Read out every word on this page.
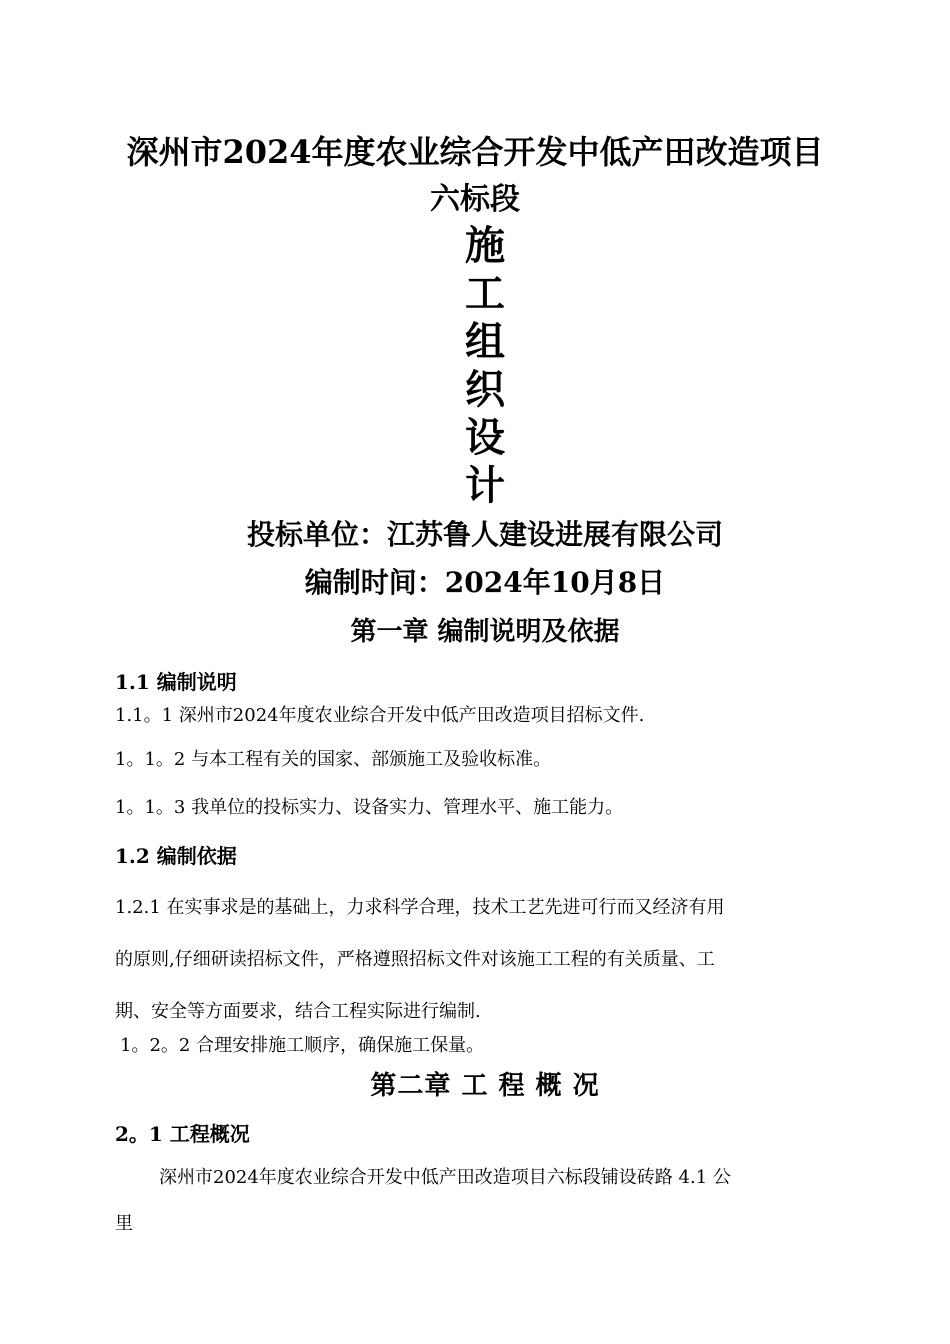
深州市2024年度农业综合开发中低产田改造项目
六标段
施
工
组
织
设
计
投标单位：江苏鲁人建设进展有限公司
编制时间：2024年10月8日
第一章 编制说明及依据
1.1 编制说明
1.1。1 深州市2024年度农业综合开发中低产田改造项目招标文件.
1。1。2 与本工程有关的国家、部颁施工及验收标准。
1。1。3 我单位的投标实力、设备实力、管理水平、施工能力。
1.2 编制依据
1.2.1 在实事求是的基础上，力求科学合理，技术工艺先进可行而又经济有用
的原则,仔细研读招标文件，严格遵照招标文件对该施工工程的有关质量、工
期、安全等方面要求，结合工程实际进行编制.
1。2。2 合理安排施工顺序，确保施工保量。
第二章 工 程 概 况
2。1 工程概况
深州市2024年度农业综合开发中低产田改造项目六标段铺设砖路 4.1 公
里
